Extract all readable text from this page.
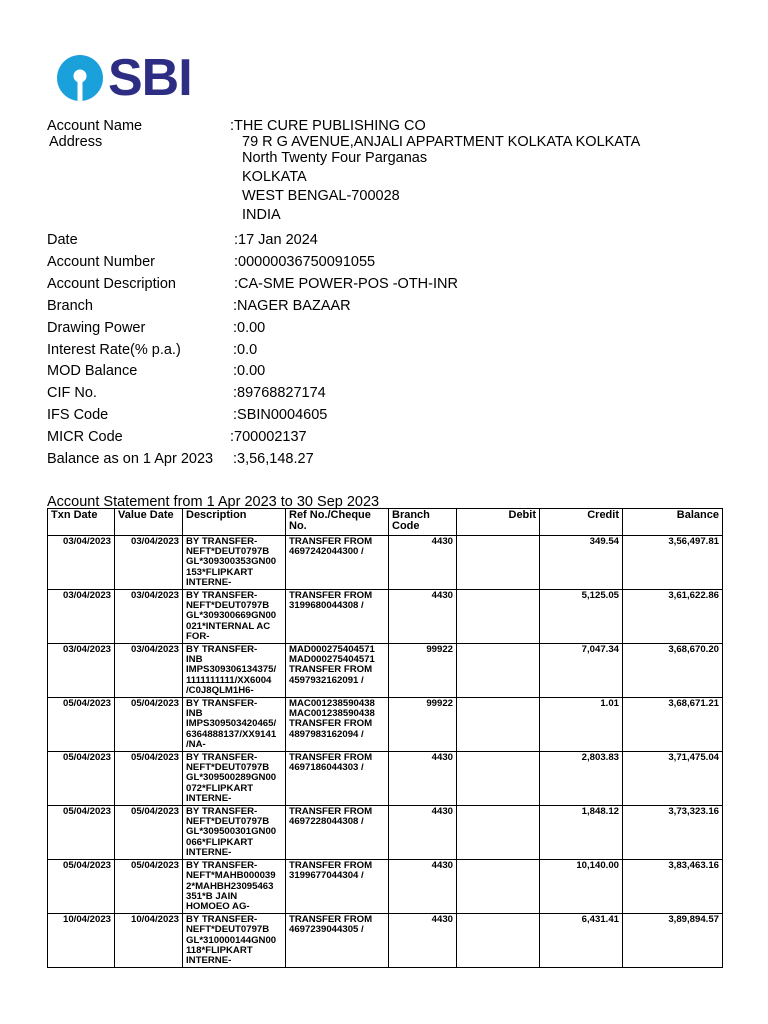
SBI
Account Name	:THE CURE PUBLISHING CO
Address	79 R G AVENUE,ANJALI APPARTMENT KOLKATA KOLKATA
North Twenty Four Parganas
KOLKATA
WEST BENGAL-700028
INDIA
Date	:17 Jan 2024
Account Number	:00000036750091055
Account Description	:CA-SME POWER-POS -OTH-INR
Branch	:NAGER BAZAAR
Drawing Power	:0.00
Interest Rate(% p.a.)	:0.0
MOD Balance	:0.00
CIF No.	:89768827174
IFS Code	:SBIN0004605
MICR Code	:700002137
Balance as on 1 Apr 2023 :3,56,148.27
Account Statement from 1 Apr 2023 to 30 Sep 2023
Txn Date	Value Date	Description	Ref No./Cheque No.	Branch Code	Debit	Credit	Balance
03/04/2023	03/04/2023	BY TRANSFER-
NEFT*DEUT0797B
GL*309300353GN00
153*FLIPKART
INTERNE-	TRANSFER FROM
4697242044300 /	4430		349.54	3,56,497.81
03/04/2023	03/04/2023	BY TRANSFER-
NEFT*DEUT0797B
GL*309300669GN00
021*INTERNAL AC
FOR-	TRANSFER FROM
3199680044308 /	4430		5,125.05	3,61,622.86
03/04/2023	03/04/2023	BY TRANSFER-
INB
IMPS309306134375/
1111111111/XX6004
/C0J8QLM1H6-	MAD000275404571
MAD000275404571
TRANSFER FROM
4597932162091 /	99922		7,047.34	3,68,670.20
05/04/2023	05/04/2023	BY TRANSFER-
INB
IMPS309503420465/
6364888137/XX9141
/NA-	MAC001238590438
MAC001238590438
TRANSFER FROM
4897983162094 /	99922		1.01	3,68,671.21
05/04/2023	05/04/2023	BY TRANSFER-
NEFT*DEUT0797B
GL*309500289GN00
072*FLIPKART
INTERNE-	TRANSFER FROM
4697186044303 /	4430		2,803.83	3,71,475.04
05/04/2023	05/04/2023	BY TRANSFER-
NEFT*DEUT0797B
GL*309500301GN00
066*FLIPKART
INTERNE-	TRANSFER FROM
4697228044308 /	4430		1,848.12	3,73,323.16
05/04/2023	05/04/2023	BY TRANSFER-
NEFT*MAHB000039
2*MAHBH23095463
351*B JAIN
HOMOEO AG-	TRANSFER FROM
3199677044304 /	4430		10,140.00	3,83,463.16
10/04/2023	10/04/2023	BY TRANSFER-
NEFT*DEUT0797B
GL*310000144GN00
118*FLIPKART
INTERNE-	TRANSFER FROM
4697239044305 /	4430		6,431.41	3,89,894.57
